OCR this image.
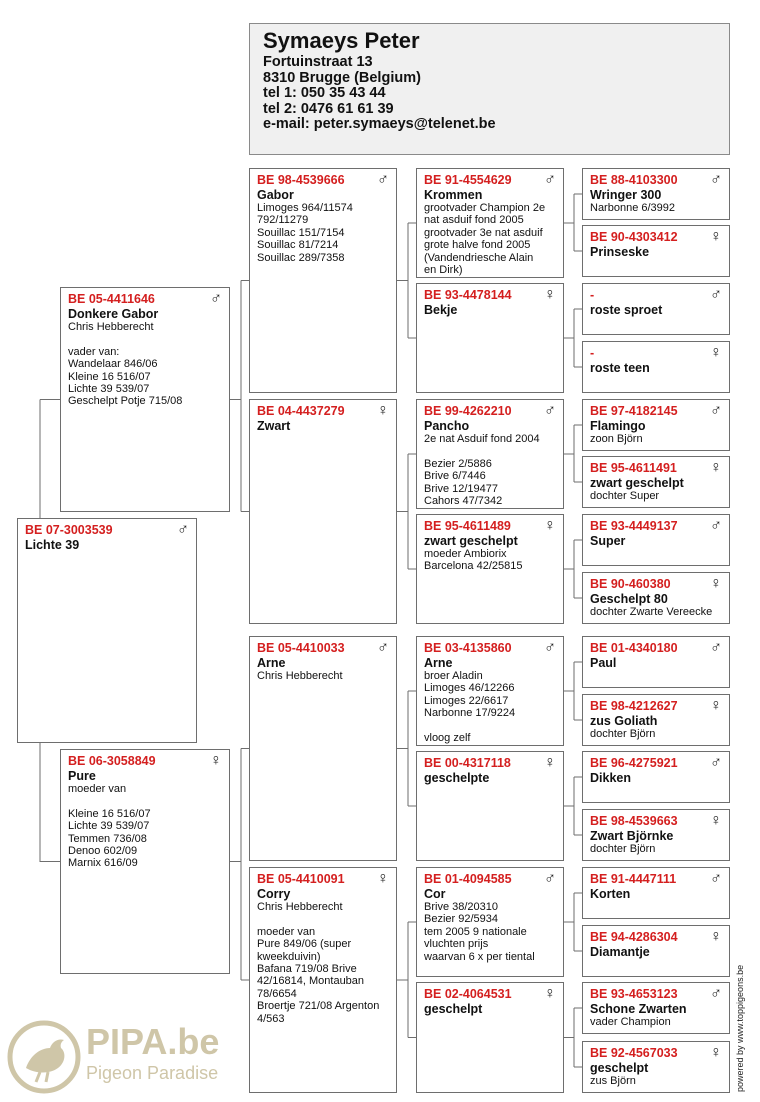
Symaeys Peter
Fortuinstraat 13
8310 Brugge (Belgium)
tel 1: 050 35 43 44
tel 2: 0476 61 61 39
e-mail: peter.symaeys@telenet.be
BE 07-3003539	♂
Lichte 39
BE 05-4411646	♂
Donkere Gabor
Chris Hebberecht
vader van:
Wandelaar 846/06
Kleine 16 516/07
Lichte 39 539/07
Geschelpt Potje 715/08
BE 06-3058849	♀
Pure
moeder van
Kleine 16 516/07
Lichte 39 539/07
Temmen 736/08
Denoo 602/09
Marnix 616/09
BE 98-4539666	♂
Gabor
Limoges 964/11574
792/11279
Souillac 151/7154
Souillac 81/7214
Souillac 289/7358
BE 04-4437279	♀
Zwart
BE 05-4410033	♂
Arne
Chris Hebberecht
BE 05-4410091	♀
Corry
Chris Hebberecht
moeder van
Pure 849/06 (super
kweekduivin)
Bafana 719/08 Brive
42/16814, Montauban
78/6654
Broertje 721/08 Argenton
4/563
BE 91-4554629	♂
Krommen
grootvader Champion 2e
nat asduif fond 2005
grootvader 3e nat asduif
grote halve fond 2005
(Vandendriesche Alain
en Dirk)
BE 93-4478144	♀
Bekje
BE 99-4262210	♂
Pancho
2e nat Asduif fond 2004
Bezier 2/5886
Brive 6/7446
Brive 12/19477
Cahors 47/7342
BE 95-4611489	♀
zwart geschelpt
moeder Ambiorix
Barcelona 42/25815
BE 03-4135860	♂
Arne
broer Aladin
Limoges 46/12266
Limoges 22/6617
Narbonne 17/9224
vloog zelf
BE 00-4317118	♀
geschelpte
BE 01-4094585	♂
Cor
Brive 38/20310
Bezier 92/5934
tem 2005 9 nationale
vluchten prijs
waarvan 6 x per tiental
BE 02-4064531	♀
geschelpt
BE 88-4103300	♂
Wringer 300
Narbonne 6/3992
BE 90-4303412	♀
Prinseske
-	♂
roste sproet
-	♀
roste teen
BE 97-4182145	♂
Flamingo
zoon Björn
BE 95-4611491	♀
zwart geschelpt
dochter Super
BE 93-4449137	♂
Super
BE 90-460380	♀
Geschelpt 80
dochter Zwarte Vereecke
BE 01-4340180	♂
Paul
BE 98-4212627	♀
zus Goliath
dochter Björn
BE 96-4275921	♂
Dikken
BE 98-4539663	♀
Zwart Björnke
dochter Björn
BE 91-4447111	♂
Korten
BE 94-4286304	♀
Diamantje
BE 93-4653123	♂
Schone Zwarten
vader Champion
BE 92-4567033	♀
geschelpt
zus Björn	powered by www.toppigeons.be
PIPA.be
Pigeon Paradise
